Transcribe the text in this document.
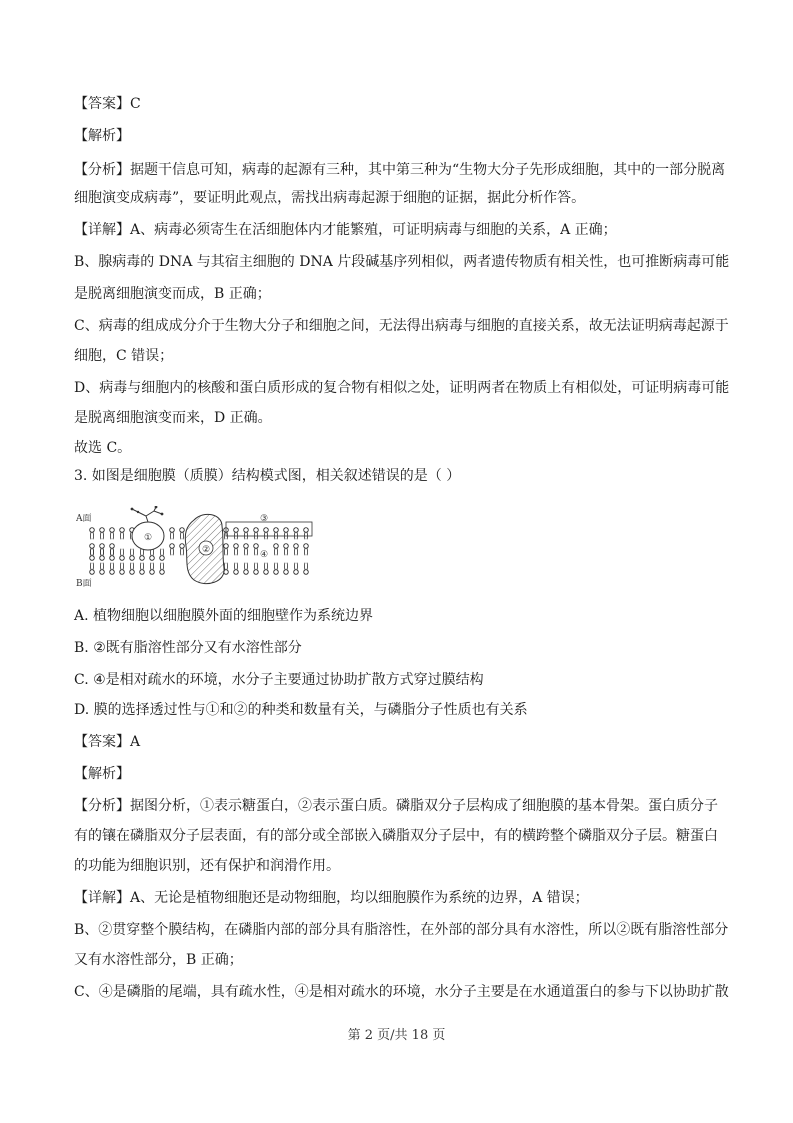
【答案】C
【解析】
【分析】据题干信息可知，病毒的起源有三种，其中第三种为“生物大分子先形成细胞，其中的一部分脱离
细胞演变成病毒”，要证明此观点，需找出病毒起源于细胞的证据，据此分析作答。
【详解】A、病毒必须寄生在活细胞体内才能繁殖，可证明病毒与细胞的关系，A 正确；
B、腺病毒的 DNA 与其宿主细胞的 DNA 片段碱基序列相似，两者遗传物质有相关性，也可推断病毒可能
是脱离细胞演变而成，B 正确；
C、病毒的组成成分介于生物大分子和细胞之间，无法得出病毒与细胞的直接关系，故无法证明病毒起源于
细胞，C 错误；
D、病毒与细胞内的核酸和蛋白质形成的复合物有相似之处，证明两者在物质上有相似处，可证明病毒可能
是脱离细胞演变而来，D 正确。
故选 C。
3. 如图是细胞膜（质膜）结构模式图，相关叙述错误的是（ ）
①
②
③
④
A面
B面
A. 植物细胞以细胞膜外面的细胞壁作为系统边界
B. ②既有脂溶性部分又有水溶性部分
C. ④是相对疏水的环境，水分子主要通过协助扩散方式穿过膜结构
D. 膜的选择透过性与①和②的种类和数量有关，与磷脂分子性质也有关系
【答案】A
【解析】
【分析】据图分析，①表示糖蛋白，②表示蛋白质。磷脂双分子层构成了细胞膜的基本骨架。蛋白质分子
有的镶在磷脂双分子层表面，有的部分或全部嵌入磷脂双分子层中，有的横跨整个磷脂双分子层。糖蛋白
的功能为细胞识别，还有保护和润滑作用。
【详解】A、无论是植物细胞还是动物细胞，均以细胞膜作为系统的边界，A 错误；
B、②贯穿整个膜结构，在磷脂内部的部分具有脂溶性，在外部的部分具有水溶性，所以②既有脂溶性部分
又有水溶性部分，B 正确；
C、④是磷脂的尾端，具有疏水性，④是相对疏水的环境，水分子主要是在水通道蛋白的参与下以协助扩散
第 2 页/共 18 页
